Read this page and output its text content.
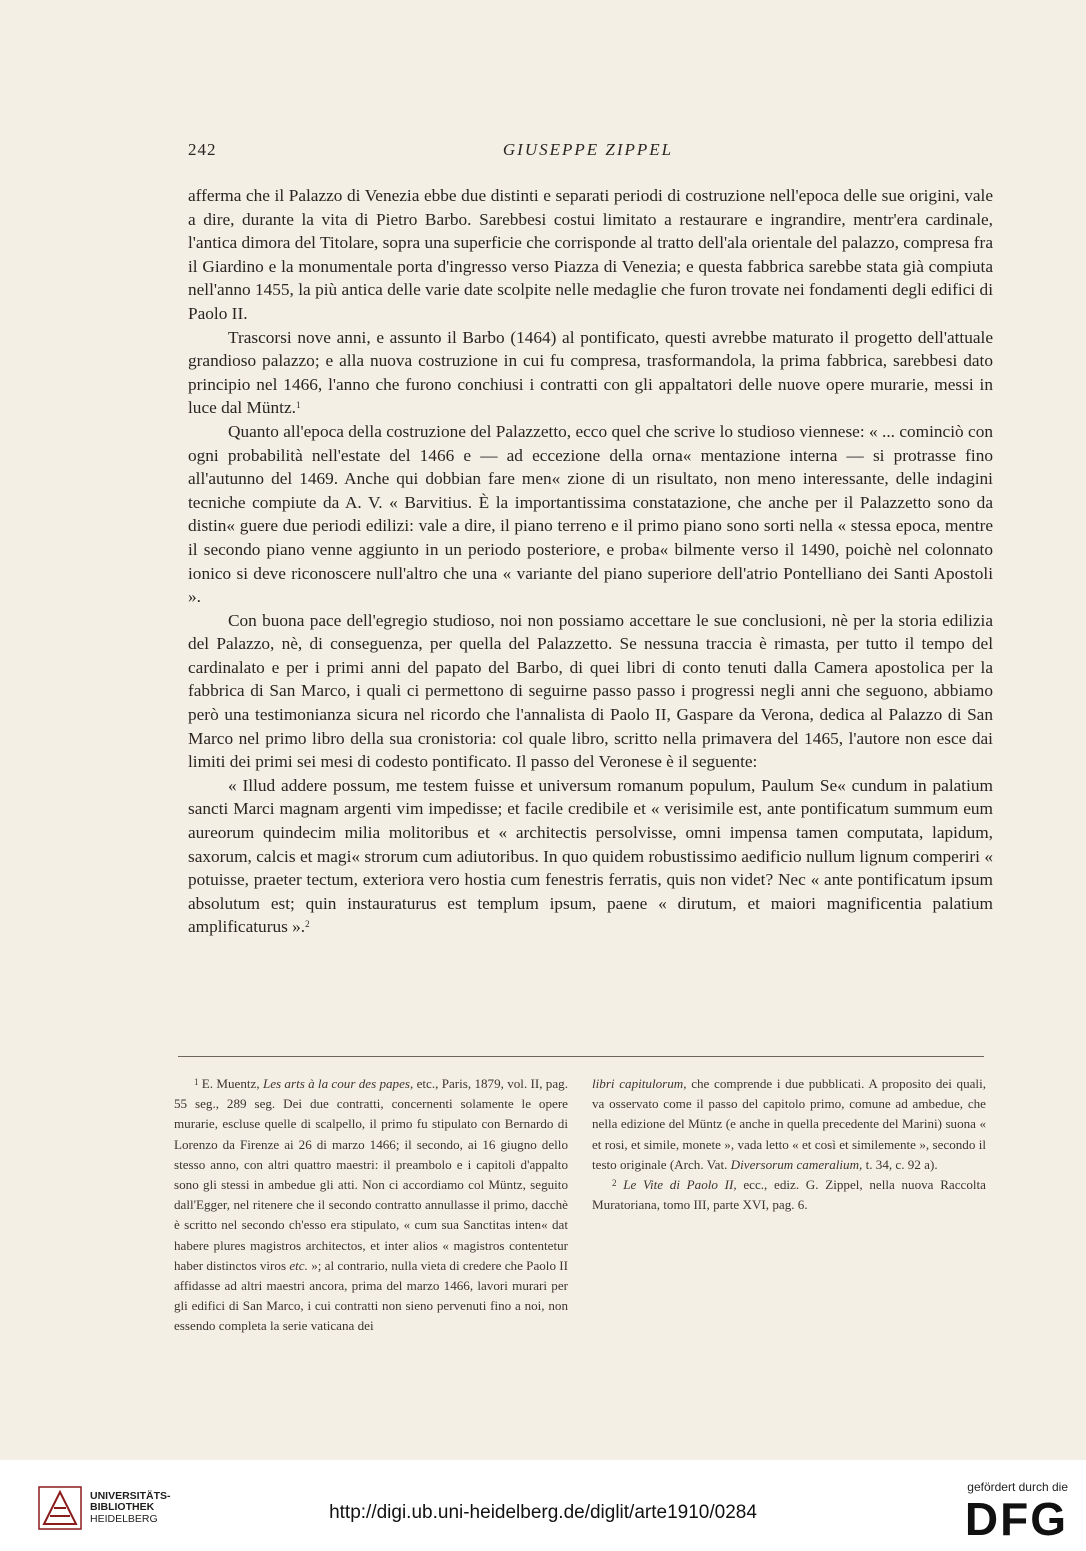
242	GIUSEPPE ZIPPEL

afferma che il Palazzo di Venezia ebbe due distinti e separati periodi di costruzione nell'epoca delle sue origini, vale a dire, durante la vita di Pietro Barbo. Sarebbesi costui limitato a restaurare e ingrandire, mentr'era cardinale, l'antica dimora del Titolare, sopra una superficie che corrisponde al tratto dell'ala orientale del palazzo, compresa fra il Giardino e la monumentale porta d'ingresso verso Piazza di Venezia; e questa fabbrica sarebbe stata già compiuta nell'anno 1455, la più antica delle varie date scolpite nelle medaglie che furon trovate nei fondamenti degli edifici di Paolo II.

Trascorsi nove anni, e assunto il Barbo (1464) al pontificato, questi avrebbe maturato il progetto dell'attuale grandioso palazzo; e alla nuova costruzione in cui fu compresa, trasformandola, la prima fabbrica, sarebbesi dato principio nel 1466, l'anno che furono conchiusi i contratti con gli appaltatori delle nuove opere murarie, messi in luce dal Müntz.$^1$

Quanto all'epoca della costruzione del Palazzetto, ecco quel che scrive lo studioso viennese: « ... cominciò con ogni probabilità nell'estate del 1466 e — ad eccezione della orna« mentazione interna — si protrasse fino all'autunno del 1469. Anche qui dobbian fare men« zione di un risultato, non meno interessante, delle indagini tecniche compiute da A. V. « Barvitius. È la importantissima constatazione, che anche per il Palazzetto sono da distin« guere due periodi edilizi: vale a dire, il piano terreno e il primo piano sono sorti nella « stessa epoca, mentre il secondo piano venne aggiunto in un periodo posteriore, e proba« bilmente verso il 1490, poichè nel colonnato ionico si deve riconoscere null'altro che una « variante del piano superiore dell'atrio Pontelliano dei Santi Apostoli ».

Con buona pace dell'egregio studioso, noi non possiamo accettare le sue conclusioni, nè per la storia edilizia del Palazzo, nè, di conseguenza, per quella del Palazzetto. Se nessuna traccia è rimasta, per tutto il tempo del cardinalato e per i primi anni del papato del Barbo, di quei libri di conto tenuti dalla Camera apostolica per la fabbrica di San Marco, i quali ci permettono di seguirne passo passo i progressi negli anni che seguono, abbiamo però una testimonianza sicura nel ricordo che l'annalista di Paolo II, Gaspare da Verona, dedica al Palazzo di San Marco nel primo libro della sua cronistoria: col quale libro, scritto nella primavera del 1465, l'autore non esce dai limiti dei primi sei mesi di codesto pontificato. Il passo del Veronese è il seguente:

« Illud addere possum, me testem fuisse et universum romanum populum, Paulum Se« cundum in palatium sancti Marci magnam argenti vim impedisse; et facile credibile et « verisimile est, ante pontificatum summum eum aureorum quindecim milia molitoribus et « architectis persolvisse, omni impensa tamen computata, lapidum, saxorum, calcis et magi« strorum cum adiutoribus. In quo quidem robustissimo aedificio nullum lignum comperiri « potuisse, praeter tectum, exteriora vero hostia cum fenestris ferratis, quis non videt? Nec « ante pontificatum ipsum absolutum est; quin instauraturus est templum ipsum, paene « dirutum, et maiori magnificentia palatium amplificaturus ».$^2$

$^1$ E. Muentz, Les arts à la cour des papes, etc., Paris, 1879, vol. II, pag. 55 seg., 289 seg. Dei due contratti, concernenti solamente le opere murarie, escluse quelle di scalpello, il primo fu stipulato con Bernardo di Lorenzo da Firenze ai 26 di marzo 1466; il secondo, ai 16 giugno dello stesso anno, con altri quattro maestri: il preambolo e i capitoli d'appalto sono gli stessi in ambedue gli atti. Non ci accordiamo col Müntz, seguito dall'Egger, nel ritenere che il secondo contratto annullasse il primo, dacchè è scritto nel secondo ch'esso era stipulato, « cum sua Sanctitas inten« dat habere plures magistros architectos, et inter alios « magistros contentetur haber distinctos viros etc. »; al contrario, nulla vieta di credere che Paolo II affidasse ad altri maestri ancora, prima del marzo 1466, lavori murari per gli edifici di San Marco, i cui contratti non sieno pervenuti fino a noi, non essendo completa la serie vaticana dei

libri capitulorum, che comprende i due pubblicati. A proposito dei quali, va osservato come il passo del capitolo primo, comune ad ambedue, che nella edizione del Müntz (e anche in quella precedente del Marini) suona « et rosi, et simile, monete », vada letto « et così et similemente », secondo il testo originale (Arch. Vat. Diversorum cameralium, t. 34, c. 92 a).

$^2$ Le Vite di Paolo II, ecc., ediz. G. Zippel, nella nuova Raccolta Muratoriana, tomo III, parte XVI, pag. 6.

UNIVERSITÄTS-
BIBLIOTHEK
HEIDELBERG	http://digi.ub.uni-heidelberg.de/diglit/arte1910/0284
gefördert durch die
DFG
